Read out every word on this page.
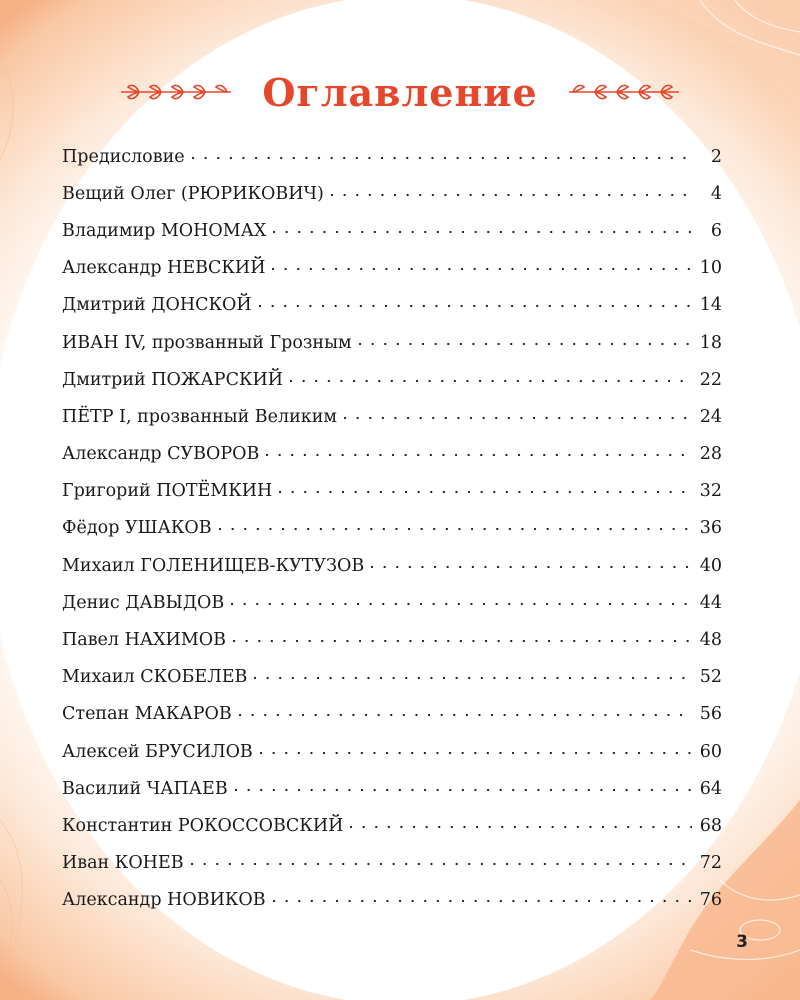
Оглавление
Предисловие	2
Вещий Олег (РЮРИКОВИЧ)	4
Владимир МОНОМАХ	6
Александр НЕВСКИЙ	10
Дмитрий ДОНСКОЙ	14
ИВАН IV, прозванный Грозным	18
Дмитрий ПОЖАРСКИЙ	22
ПЁТР I, прозванный Великим	24
Александр СУВОРОВ	28
Григорий ПОТЁМКИН	32
Фёдор УШАКОВ	36
Михаил ГОЛЕНИЩЕВ-КУТУЗОВ	40
Денис ДАВЫДОВ	44
Павел НАХИМОВ	48
Михаил СКОБЕЛЕВ	52
Степан МАКАРОВ	56
Алексей БРУСИЛОВ	60
Василий ЧАПАЕВ	64
Константин РОКОССОВСКИЙ	68
Иван КОНЕВ	72
Александр НОВИКОВ	76
3
